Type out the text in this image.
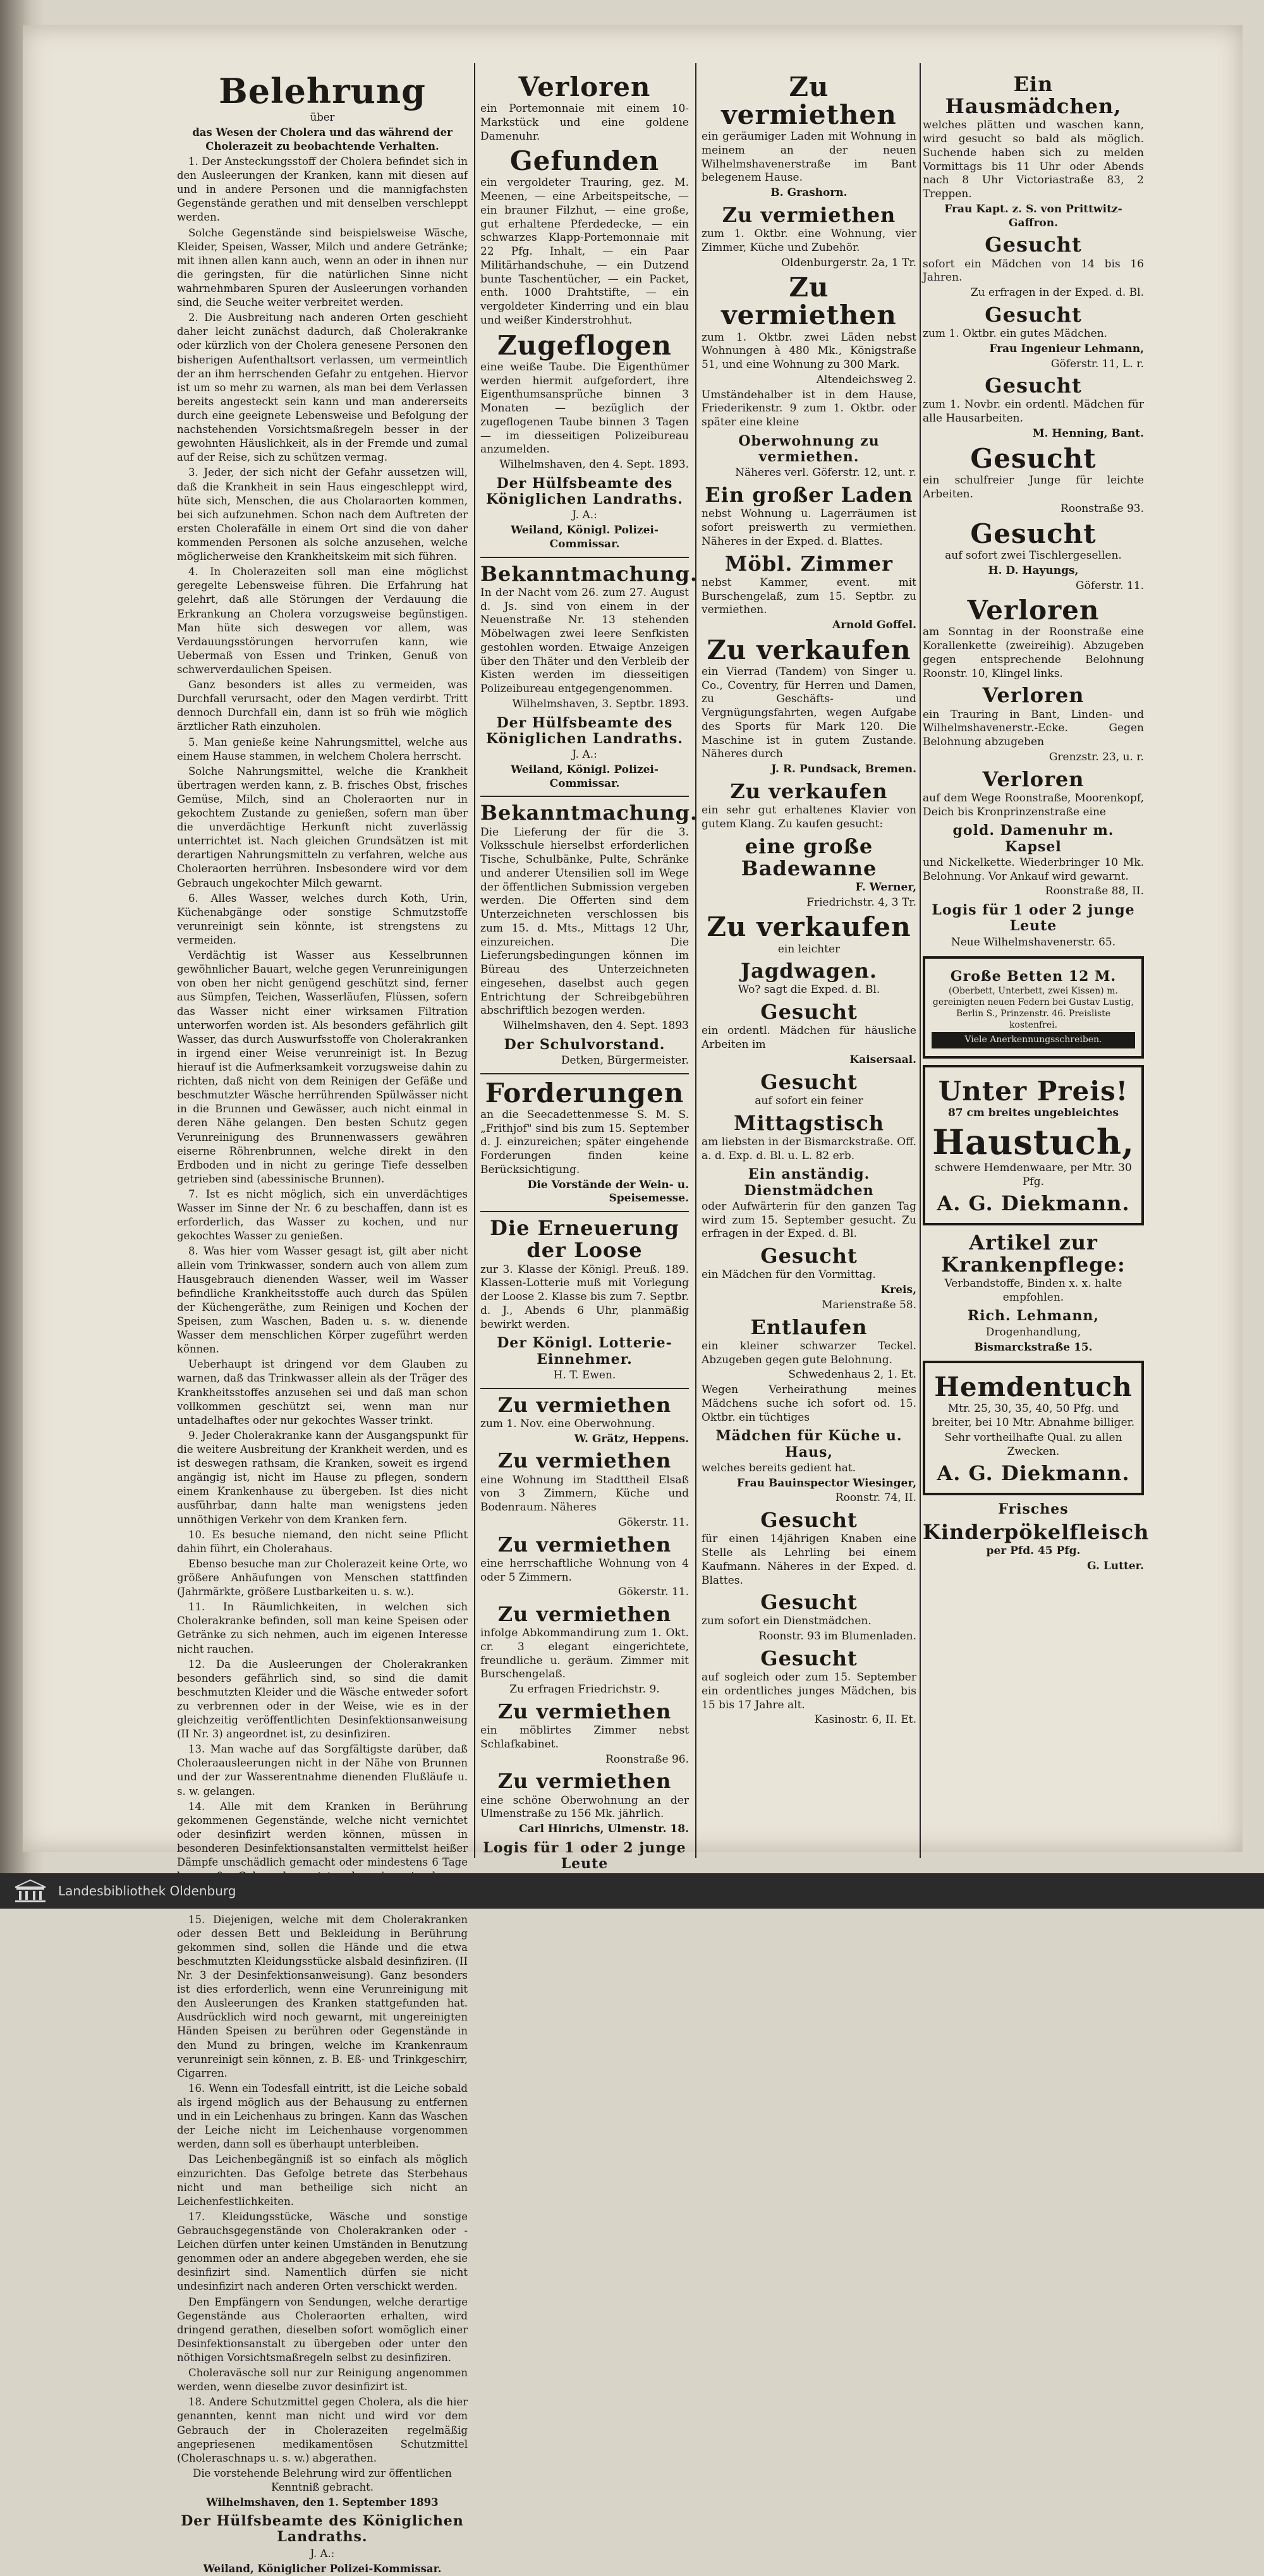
Belehrung

über

das Wesen der Cholera und das während der Cholerazeit zu beobachtende Verhalten.

1. Der Ansteckungsstoff der Cholera befindet sich in den Ausleerungen der Kranken, kann mit diesen auf und in andere Personen und die mannigfachsten Gegenstände gerathen und mit denselben verschleppt werden.

Solche Gegenstände sind beispielsweise Wäsche, Kleider, Speisen, Wasser, Milch und andere Getränke; mit ihnen allen kann auch, wenn an oder in ihnen nur die geringsten, für die natürlichen Sinne nicht wahrnehmbaren Spuren der Ausleerungen vorhanden sind, die Seuche weiter verbreitet werden.

2. Die Ausbreitung nach anderen Orten geschieht daher leicht zunächst dadurch, daß Cholerakranke oder kürzlich von der Cholera genesene Personen den bisherigen Aufenthaltsort verlassen, um vermeintlich der an ihm herrschenden Gefahr zu entgehen. Hiervor ist um so mehr zu warnen, als man bei dem Verlassen bereits angesteckt sein kann und man andererseits durch eine geeignete Lebensweise und Befolgung der nachstehenden Vorsichtsmaßregeln besser in der gewohnten Häuslichkeit, als in der Fremde und zumal auf der Reise, sich zu schützen vermag.

3. Jeder, der sich nicht der Gefahr aussetzen will, daß die Krankheit in sein Haus eingeschleppt wird, hüte sich, Menschen, die aus Cholaraorten kommen, bei sich aufzunehmen. Schon nach dem Auftreten der ersten Cholerafälle in einem Ort sind die von daher kommenden Personen als solche anzusehen, welche möglicherweise den Krankheitskeim mit sich führen.

4. In Cholerazeiten soll man eine möglichst geregelte Lebensweise führen. Die Erfahrung hat gelehrt, daß alle Störungen der Verdauung die Erkrankung an Cholera vorzugsweise begünstigen. Man hüte sich deswegen vor allem, was Verdauungsstörungen hervorrufen kann, wie Uebermaß von Essen und Trinken, Genuß von schwerverdaulichen Speisen.

Ganz besonders ist alles zu vermeiden, was Durchfall verursacht, oder den Magen verdirbt. Tritt dennoch Durchfall ein, dann ist so früh wie möglich ärztlicher Rath einzuholen.

5. Man genieße keine Nahrungsmittel, welche aus einem Hause stammen, in welchem Cholera herrscht.

Solche Nahrungsmittel, welche die Krankheit übertragen werden kann, z. B. frisches Obst, frisches Gemüse, Milch, sind an Choleraorten nur in gekochtem Zustande zu genießen, sofern man über die unverdächtige Herkunft nicht zuverlässig unterrichtet ist. Nach gleichen Grundsätzen ist mit derartigen Nahrungsmitteln zu verfahren, welche aus Choleraorten herrühren. Insbesondere wird vor dem Gebrauch ungekochter Milch gewarnt.

6. Alles Wasser, welches durch Koth, Urin, Küchenabgänge oder sonstige Schmutzstoffe verunreinigt sein könnte, ist strengstens zu vermeiden.

Verdächtig ist Wasser aus Kesselbrunnen gewöhnlicher Bauart, welche gegen Verunreinigungen von oben her nicht genügend geschützt sind, ferner aus Sümpfen, Teichen, Wasserläufen, Flüssen, sofern das Wasser nicht einer wirksamen Filtration unterworfen worden ist. Als besonders gefährlich gilt Wasser, das durch Auswurfsstoffe von Cholerakranken in irgend einer Weise verunreinigt ist. In Bezug hierauf ist die Aufmerksamkeit vorzugsweise dahin zu richten, daß nicht von dem Reinigen der Gefäße und beschmutzter Wäsche herrührenden Spülwässer nicht in die Brunnen und Gewässer, auch nicht einmal in deren Nähe gelangen. Den besten Schutz gegen Verunreinigung des Brunnenwassers gewähren eiserne Röhrenbrunnen, welche direkt in den Erdboden und in nicht zu geringe Tiefe desselben getrieben sind (abessinische Brunnen).

7. Ist es nicht möglich, sich ein unverdächtiges Wasser im Sinne der Nr. 6 zu beschaffen, dann ist es erforderlich, das Wasser zu kochen, und nur gekochtes Wasser zu genießen.

8. Was hier vom Wasser gesagt ist, gilt aber nicht allein vom Trinkwasser, sondern auch von allem zum Hausgebrauch dienenden Wasser, weil im Wasser befindliche Krankheitsstoffe auch durch das Spülen der Küchengeräthe, zum Reinigen und Kochen der Speisen, zum Waschen, Baden u. s. w. dienende Wasser dem menschlichen Körper zugeführt werden können.

Ueberhaupt ist dringend vor dem Glauben zu warnen, daß das Trinkwasser allein als der Träger des Krankheitsstoffes anzusehen sei und daß man schon vollkommen geschützt sei, wenn man nur untadelhaftes oder nur gekochtes Wasser trinkt.

9. Jeder Cholerakranke kann der Ausgangspunkt für die weitere Ausbreitung der Krankheit werden, und es ist deswegen rathsam, die Kranken, soweit es irgend angängig ist, nicht im Hause zu pflegen, sondern einem Krankenhause zu übergeben. Ist dies nicht ausführbar, dann halte man wenigstens jeden unnöthigen Verkehr von dem Kranken fern.

10. Es besuche niemand, den nicht seine Pflicht dahin führt, ein Cholerahaus.

Ebenso besuche man zur Cholerazeit keine Orte, wo größere Anhäufungen von Menschen stattfinden (Jahrmärkte, größere Lustbarkeiten u. s. w.).

11. In Räumlichkeiten, in welchen sich Cholerakranke befinden, soll man keine Speisen oder Getränke zu sich nehmen, auch im eigenen Interesse nicht rauchen.

12. Da die Ausleerungen der Cholerakranken besonders gefährlich sind, so sind die damit beschmutzten Kleider und die Wäsche entweder sofort zu verbrennen oder in der Weise, wie es in der gleichzeitig veröffentlichten Desinfektionsanweisung (II Nr. 3) angeordnet ist, zu desinfiziren.

13. Man wache auf das Sorgfältigste darüber, daß Choleraausleerungen nicht in der Nähe von Brunnen und der zur Wasserentnahme dienenden Flußläufe u. s. w. gelangen.

14. Alle mit dem Kranken in Berührung gekommenen Gegenstände, welche nicht vernichtet oder desinfizirt werden können, müssen in besonderen Desinfektionsanstalten vermittelst heißer Dämpfe unschädlich gemacht oder mindestens 6 Tage

15. Diejenigen, welche mit dem Cholerakranken oder dessen Bett und Bekleidung in Berührung gekommen sind, sollen die Hände und die etwa beschmutzten Kleidungsstücke alsbald desinfiziren. (II Nr. 3 der Desinfektionsanweisung). Ganz besonders ist dies erforderlich, wenn eine Verunreinigung mit den Ausleerungen des Kranken stattgefunden hat. Ausdrücklich wird noch gewarnt, mit ungereinigten Händen Speisen zu berühren oder Gegenstände in den Mund zu bringen, welche im Krankenraum verunreinigt sein können, z. B. Eß- und Trinkgeschirr, Cigarren.

16. Wenn ein Todesfall eintritt, ist die Leiche sobald als irgend möglich aus der Behausung zu entfernen und in ein Leichenhaus zu bringen. Kann das Waschen der Leiche nicht im Leichenhause vorgenommen werden, dann soll es überhaupt unterbleiben.

Das Leichenbegängniß ist so einfach als möglich einzurichten. Das Gefolge betrete das Sterbehaus nicht und man betheilige sich nicht an Leichenfestlichkeiten.

17. Kleidungsstücke, Wäsche und sonstige Gebrauchsgegenstände von Cholerakranken oder -Leichen dürfen unter keinen Umständen in Benutzung genommen oder an andere abgegeben werden, ehe sie desinfizirt sind. Namentlich dürfen sie nicht undesinfizirt nach anderen Orten verschickt werden.

Den Empfängern von Sendungen, welche derartige Gegenstände aus Choleraorten erhalten, wird dringend gerathen, dieselben sofort womöglich einer Desinfektionsanstalt zu übergeben oder unter den nöthigen Vorsichtsmaßregeln selbst zu desinfiziren.

Choleraväsche soll nur zur Reinigung angenommen werden, wenn dieselbe zuvor desinfizirt ist.

18. Andere Schutzmittel gegen Cholera, als die hier genannten, kennt man nicht und wird vor dem Gebrauch der in Cholerazeiten regelmäßig angepriesenen medikamentösen Schutzmittel (Choleraschnaps u. s. w.) abgerathen.

Die vorstehende Belehrung wird zur öffentlichen Kenntniß gebracht.

Wilhelmshaven, den 1. September 1893

Der Hülfsbeamte des Königlichen Landraths.

J. A.:

Weiland, Königlicher Polizei-Kommissar.

Verloren

ein Portemonnaie mit einem 10-Markstück und eine goldene Damenuhr.

Gefunden

ein vergoldeter Trauring, gez. M. Meenen, — eine Arbeitspeitsche, — ein brauner Filzhut, — eine große, gut erhaltene Pferdedecke, — ein schwarzes Klapp-Portemonnaie mit 22 Pfg. Inhalt, — ein Paar Militärhandschuhe, — ein Dutzend bunte Taschentücher, — ein Packet, enth. 1000 Drahtstifte, — ein vergoldeter Kinderring und ein blau und weißer Kinderstrohhut.

Zugeflogen

eine weiße Taube. Die Eigenthümer werden hiermit aufgefordert, ihre Eigenthumsansprüche binnen 3 Monaten — bezüglich der zugeflogenen Taube binnen 3 Tagen — im diesseitigen Polizeibureau anzumelden.

Wilhelmshaven, den 4. Sept. 1893.

Der Hülfsbeamte des Königlichen Landraths.

J. A.:

Weiland, Königl. Polizei-Commissar.

Bekanntmachung.

In der Nacht vom 26. zum 27. August d. Js. sind von einem in der Neuenstraße Nr. 13 stehenden Möbelwagen zwei leere Senfkisten gestohlen worden. Etwaige Anzeigen über den Thäter und den Verbleib der Kisten werden im diesseitigen Polizeibureau entgegengenommen.

Wilhelmshaven, 3. Septbr. 1893.

Der Hülfsbeamte des Königlichen Landraths.

J. A.:

Weiland, Königl. Polizei-Commissar.

Bekanntmachung.

Die Lieferung der für die 3. Volksschule hierselbst erforderlichen Tische, Schulbänke, Pulte, Schränke und anderer Utensilien soll im Wege der öffentlichen Submission vergeben werden. Die Offerten sind dem Unterzeichneten verschlossen bis zum 15. d. Mts., Mittags 12 Uhr, einzureichen. Die Lieferungsbedingungen können im Büreau des Unterzeichneten eingesehen, daselbst auch gegen Entrichtung der Schreibgebühren abschriftlich bezogen werden.

Wilhelmshaven, den 4. Sept. 1893

Der Schulvorstand.

Detken, Bürgermeister.

Forderungen

an die Seecadettenmesse S. M. S. „Frithjof" sind bis zum 15. September d. J. einzureichen; später eingehende Forderungen finden keine Berücksichtigung.

Die Vorstände der Wein- u. Speisemesse.

Die Erneuerung der Loose

zur 3. Klasse der Königl. Preuß. 189. Klassen-Lotterie muß mit Vorlegung der Loose 2. Klasse bis zum 7. Septbr. d. J., Abends 6 Uhr, planmäßig bewirkt werden.

Der Königl. Lotterie-Einnehmer.

H. T. Ewen.

Zu vermiethen

zum 1. Nov. eine Oberwohnung.

W. Grätz, Heppens.

Zu vermiethen

eine Wohnung im Stadttheil Elsaß von 3 Zimmern, Küche und Bodenraum. Näheres

Gökerstr. 11.

Zu vermiethen

eine herrschaftliche Wohnung von 4 oder 5 Zimmern.

Gökerstr. 11.

Zu vermiethen

infolge Abkommandirung zum 1. Okt. cr. 3 elegant eingerichtete, freundliche u. geräum. Zimmer mit Burschengelaß.

Zu erfragen Friedrichstr. 9.

Zu vermiethen

ein möblirtes Zimmer nebst Schlafkabinet.

Roonstraße 96.

Zu vermiethen

eine schöne Oberwohnung an der Ulmenstraße zu 156 Mk. jährlich.

Carl Hinrichs, Ulmenstr. 18.

Logis für 1 oder 2 junge Leute

Zu vermiethen

ein geräumiger Laden mit Wohnung in meinem an der neuen Wilhelmshavenerstraße im Bant belegenem Hause.

B. Grashorn.

Zu vermiethen

zum 1. Oktbr. eine Wohnung, vier Zimmer, Küche und Zubehör.

Oldenburgerstr. 2a, 1 Tr.

Zu vermiethen

zum 1. Oktbr. zwei Läden nebst Wohnungen à 480 Mk., Königstraße 51, und eine Wohnung zu 300 Mark.

Altendeichsweg 2.

Umständehalber ist in dem Hause, Friederikenstr. 9 zum 1. Oktbr. oder später eine kleine

Oberwohnung zu vermiethen.

Näheres verl. Göferstr. 12, unt. r.

Ein großer Laden

nebst Wohnung u. Lagerräumen ist sofort preiswerth zu vermiethen. Näheres in der Exped. d. Blattes.

Möbl. Zimmer

nebst Kammer, event. mit Burschengelaß, zum 15. Septbr. zu vermiethen.

Arnold Goffel.

Zu verkaufen

ein Vierrad (Tandem) von Singer u. Co., Coventry, für Herren und Damen, zu Geschäfts- und Vergnügungsfahrten, wegen Aufgabe des Sports für Mark 120. Die Maschine ist in gutem Zustande. Näheres durch

J. R. Pundsack, Bremen.

Zu verkaufen

ein sehr gut erhaltenes Klavier von gutem Klang. Zu kaufen gesucht:

eine große Badewanne

F. Werner,

Friedrichstr. 4, 3 Tr.

Zu verkaufen

ein leichter

Jagdwagen.

Wo? sagt die Exped. d. Bl.

Gesucht

ein ordentl. Mädchen für häusliche Arbeiten im

Kaisersaal.

Gesucht

auf sofort ein feiner

Mittagstisch

am liebsten in der Bismarckstraße. Off. a. d. Exp. d. Bl. u. L. 82 erb.

Ein anständig. Dienstmädchen

oder Aufwärterin für den ganzen Tag wird zum 15. September gesucht. Zu erfragen in der Exped. d. Bl.

Gesucht

ein Mädchen für den Vormittag.

Kreis,

Marienstraße 58.

Entlaufen

ein kleiner schwarzer Teckel. Abzugeben gegen gute Belohnung.

Schwedenhaus 2, 1. Et.

Wegen Verheirathung meines Mädchens suche ich sofort od. 15. Oktbr. ein tüchtiges

Mädchen für Küche u. Haus,

welches bereits gedient hat.

Frau Bauinspector Wiesinger,

Roonstr. 74, II.

Gesucht

für einen 14jährigen Knaben eine Stelle als Lehrling bei einem Kaufmann. Näheres in der Exped. d. Blattes.

Gesucht

zum sofort ein Dienstmädchen.

Roonstr. 93 im Blumenladen.

Gesucht

auf sogleich oder zum 15. September ein ordentliches junges Mädchen, bis 15 bis 17 Jahre alt.

Kasinostr. 6, II. Et.

Ein Hausmädchen,

welches plätten und waschen kann, wird gesucht so bald als möglich. Suchende haben sich zu melden Vormittags bis 11 Uhr oder Abends nach 8 Uhr Victoriastraße 83, 2 Treppen.

Frau Kapt. z. S. von Prittwitz-Gaffron.

Gesucht

sofort ein Mädchen von 14 bis 16 Jahren.

Zu erfragen in der Exped. d. Bl.

Gesucht

zum 1. Oktbr. ein gutes Mädchen.

Frau Ingenieur Lehmann,

Göferstr. 11, L. r.

Gesucht

zum 1. Novbr. ein ordentl. Mädchen für alle Hausarbeiten.

M. Henning, Bant.

Gesucht

ein schulfreier Junge für leichte Arbeiten.

Roonstraße 93.

Gesucht

auf sofort zwei Tischlergesellen.

H. D. Hayungs,

Göferstr. 11.

Verloren

am Sonntag in der Roonstraße eine Korallenkette (zweireihig). Abzugeben gegen entsprechende Belohnung Roonstr. 10, Klingel links.

Verloren

ein Trauring in Bant, Linden- und Wilhelmshavenerstr.-Ecke. Gegen Belohnung abzugeben

Grenzstr. 23, u. r.

Verloren

auf dem Wege Roonstraße, Moorenkopf, Deich bis Kronprinzenstraße eine

gold. Damenuhr m. Kapsel

und Nickelkette. Wiederbringer 10 Mk. Belohnung. Vor Ankauf wird gewarnt.

Roonstraße 88, II.

Logis für 1 oder 2 junge Leute

Neue Wilhelmshavenerstr. 65.

Große Betten 12 M.

(Oberbett, Unterbett, zwei Kissen) m. gereinigten neuen Federn bei Gustav Lustig, Berlin S., Prinzenstr. 46. Preisliste kostenfrei.

Viele Anerkennungsschreiben.

Unter Preis!

87 cm breites ungebleichtes

Haustuch,

schwere Hemdenwaare, per Mtr. 30 Pfg.

A. G. Diekmann.
Artikel zur Krankenpflege:

Verbandstoffe, Binden x. x. halte empfohlen.

Rich. Lehmann,

Drogenhandlung,

Bismarckstraße 15.

Hemdentuch

Mtr. 25, 30, 35, 40, 50 Pfg. und breiter, bei 10 Mtr. Abnahme billiger.

Sehr vortheilhafte Qual. zu allen Zwecken.

A. G. Diekmann.
Frisches
Kinderpökelfleisch

per Pfd. 45 Pfg.

G. Lutter.

Landesbibliothek Oldenburg
